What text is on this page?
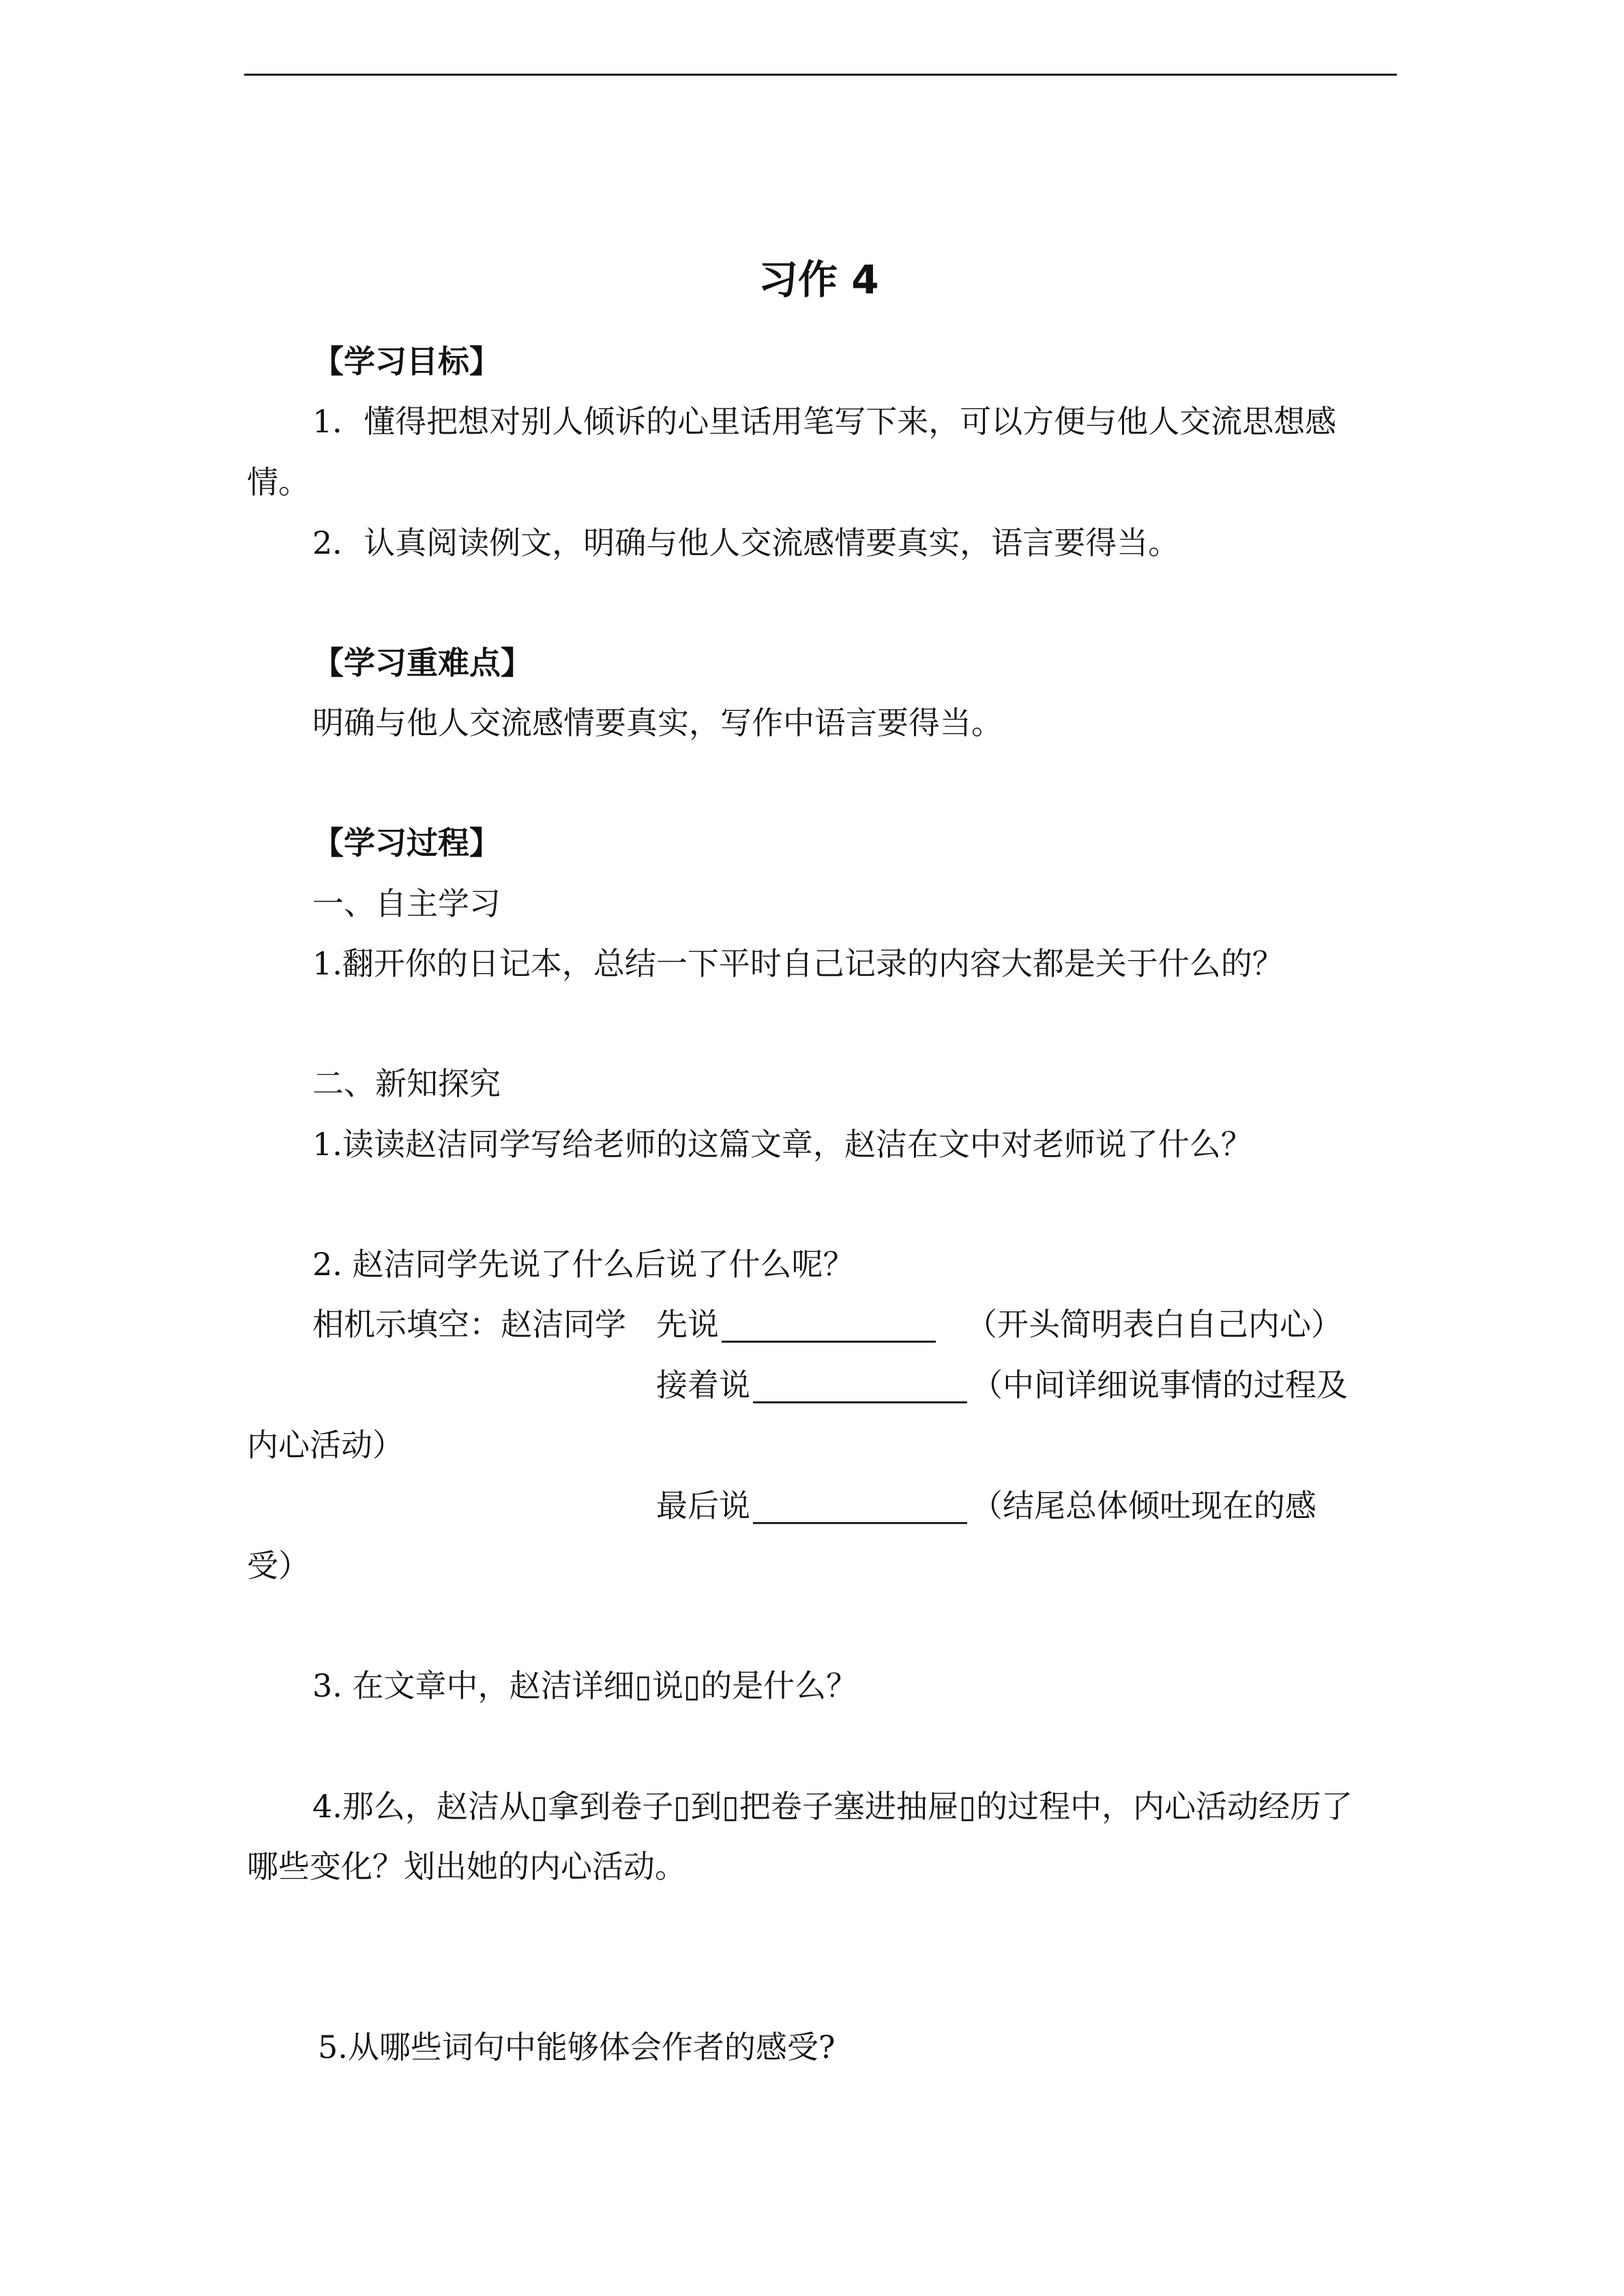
习作 4
【学习目标】
1．懂得把想对别人倾诉的心里话用笔写下来，可以方便与他人交流思想感
情。
2．认真阅读例文，明确与他人交流感情要真实，语言要得当。
【学习重难点】
明确与他人交流感情要真实，写作中语言要得当。
【学习过程】
一、自主学习
1.翻开你的日记本，总结一下平时自己记录的内容大都是关于什么的？
二、新知探究
1.读读赵洁同学写给老师的这篇文章，赵洁在文中对老师说了什么？
2. 赵洁同学先说了什么后说了什么呢？
相机示填空：赵洁同学 先说	（开头简明表白自己内心）
接着说	（中间详细说事情的过程及
内心活动）
最后说	（结尾总体倾吐现在的感
受）
3. 在文章中，赵洁详细▯说▯的是什么？
4.那么，赵洁从▯拿到卷子▯到▯把卷子塞进抽屉▯的过程中，内心活动经历了
哪些变化？划出她的内心活动。
5.从哪些词句中能够体会作者的感受?
